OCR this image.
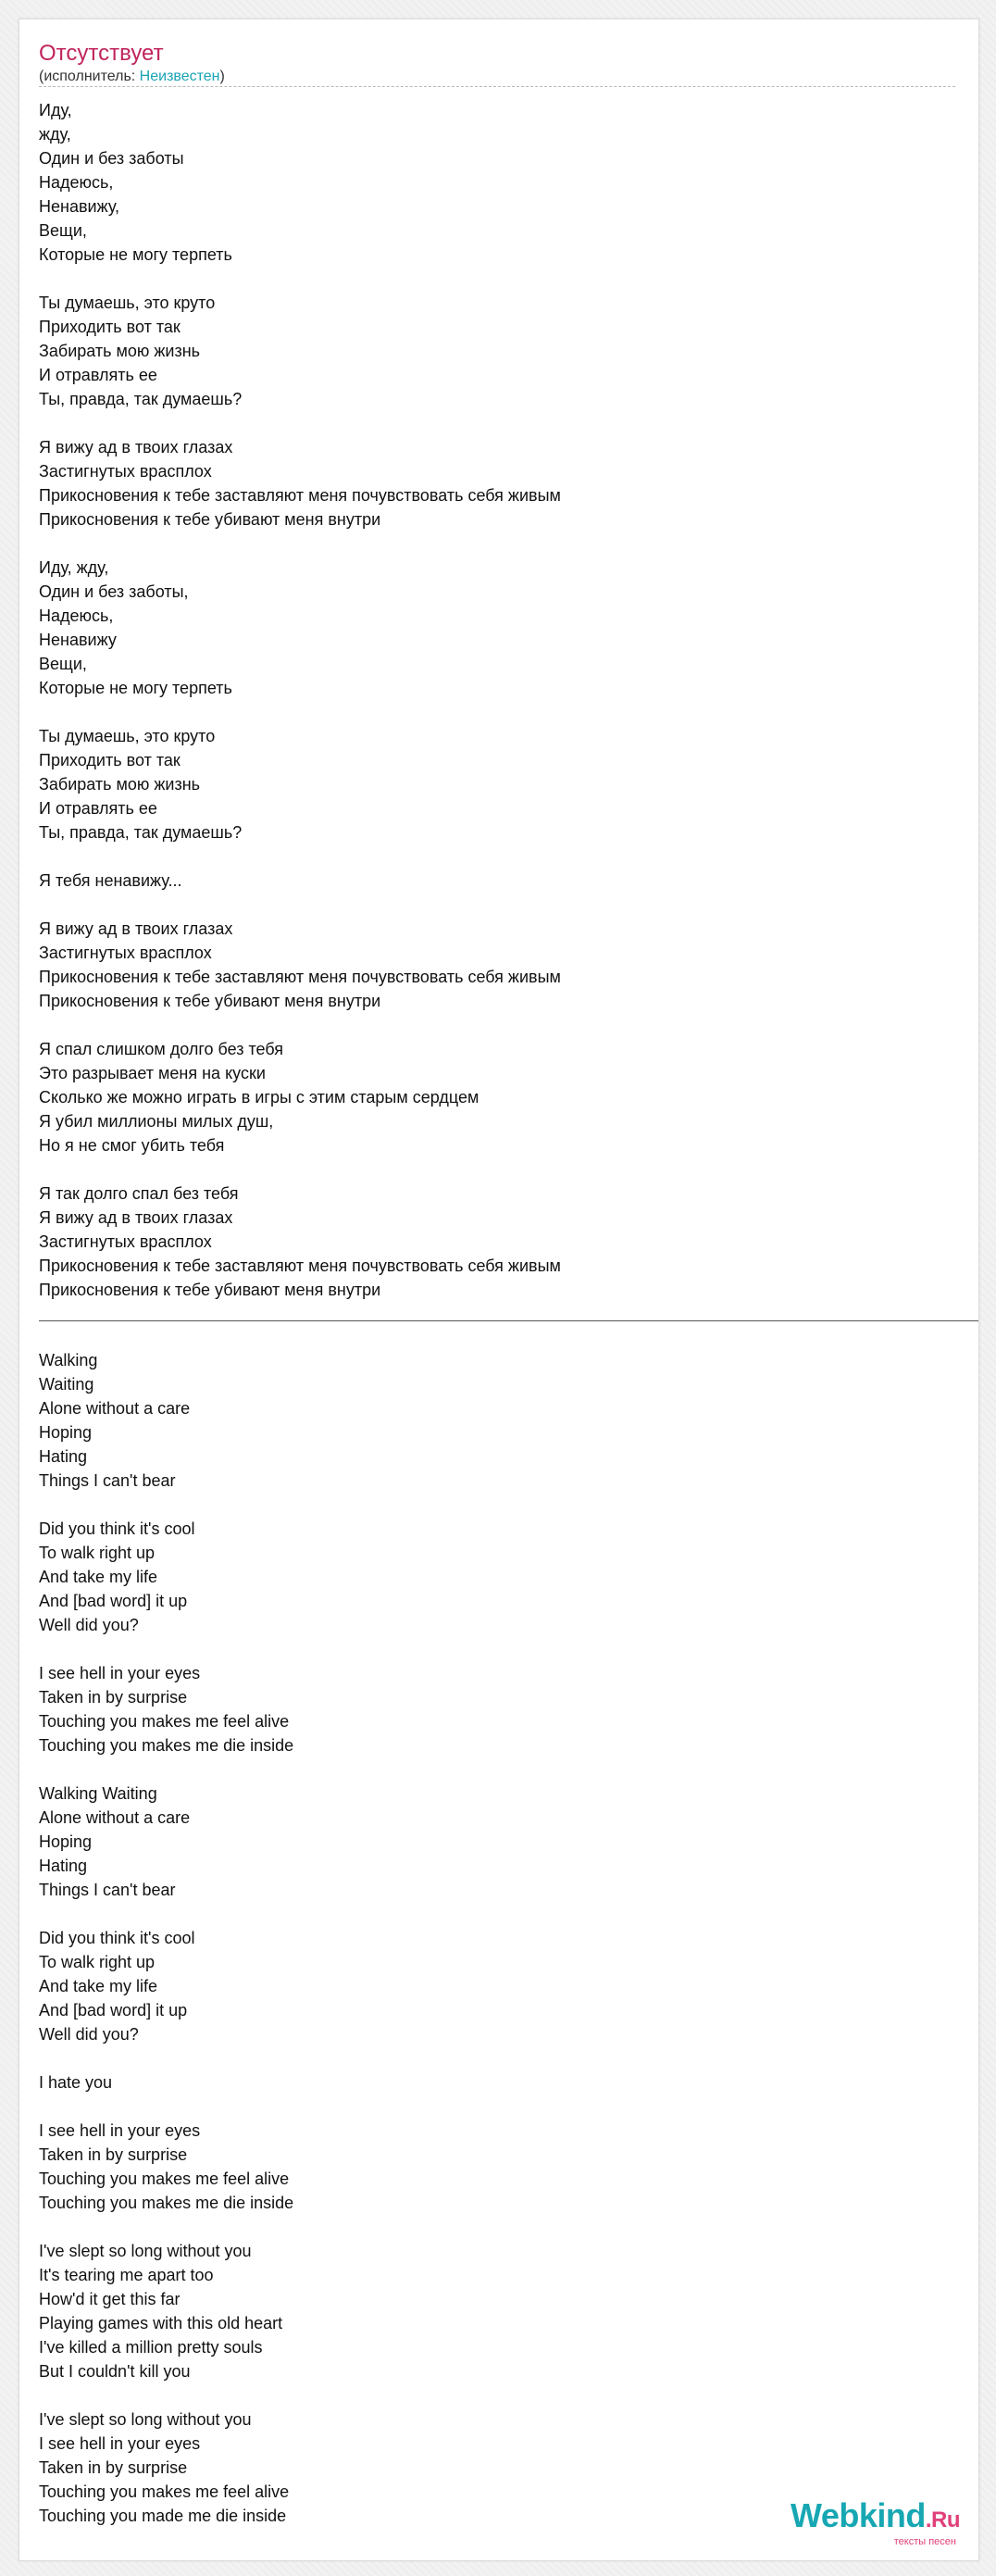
Отсутствует
(исполнитель: Неизвестен)
Иду,
жду,
Один и без заботы
Надеюсь,
Ненавижу,
Вещи,
Которые не могу терпеть

Ты думаешь, это круто
Приходить вот так
Забирать мою жизнь
И отравлять ее
Ты, правда, так думаешь?

Я вижу ад в твоих глазах
Застигнутых врасплох
Прикосновения к тебе заставляют меня почувствовать себя живым
Прикосновения к тебе убивают меня внутри

Иду, жду,
Один и без заботы,
Надеюсь,
Ненавижу
Вещи,
Которые не могу терпеть

Ты думаешь, это круто
Приходить вот так
Забирать мою жизнь
И отравлять ее
Ты, правда, так думаешь?

Я тебя ненавижу...

Я вижу ад в твоих глазах
Застигнутых врасплох
Прикосновения к тебе заставляют меня почувствовать себя живым
Прикосновения к тебе убивают меня внутри

Я спал слишком долго без тебя
Это разрывает меня на куски
Сколько же можно играть в игры с этим старым сердцем
Я убил миллионы милых душ,
Но я не смог убить тебя

Я так долго спал без тебя
Я вижу ад в твоих глазах
Застигнутых врасплох
Прикосновения к тебе заставляют меня почувствовать себя живым
Прикосновения к тебе убивают меня внутри
Walking
Waiting
Alone without a care
Hoping
Hating
Things I can't bear

Did you think it's cool
To walk right up
And take my life
And [bad word] it up
Well did you?

I see hell in your eyes
Taken in by surprise
Touching you makes me feel alive
Touching you makes me die inside

Walking Waiting
Alone without a care
Hoping
Hating
Things I can't bear

Did you think it's cool
To walk right up
And take my life
And [bad word] it up
Well did you?

I hate you

I see hell in your eyes
Taken in by surprise
Touching you makes me feel alive
Touching you makes me die inside

I've slept so long without you
It's tearing me apart too
How'd it get this far
Playing games with this old heart
I've killed a million pretty souls
But I couldn't kill you

I've slept so long without you
I see hell in your eyes
Taken in by surprise
Touching you makes me feel alive
Touching you made me die inside	Webkind.Ru
тексты песен
